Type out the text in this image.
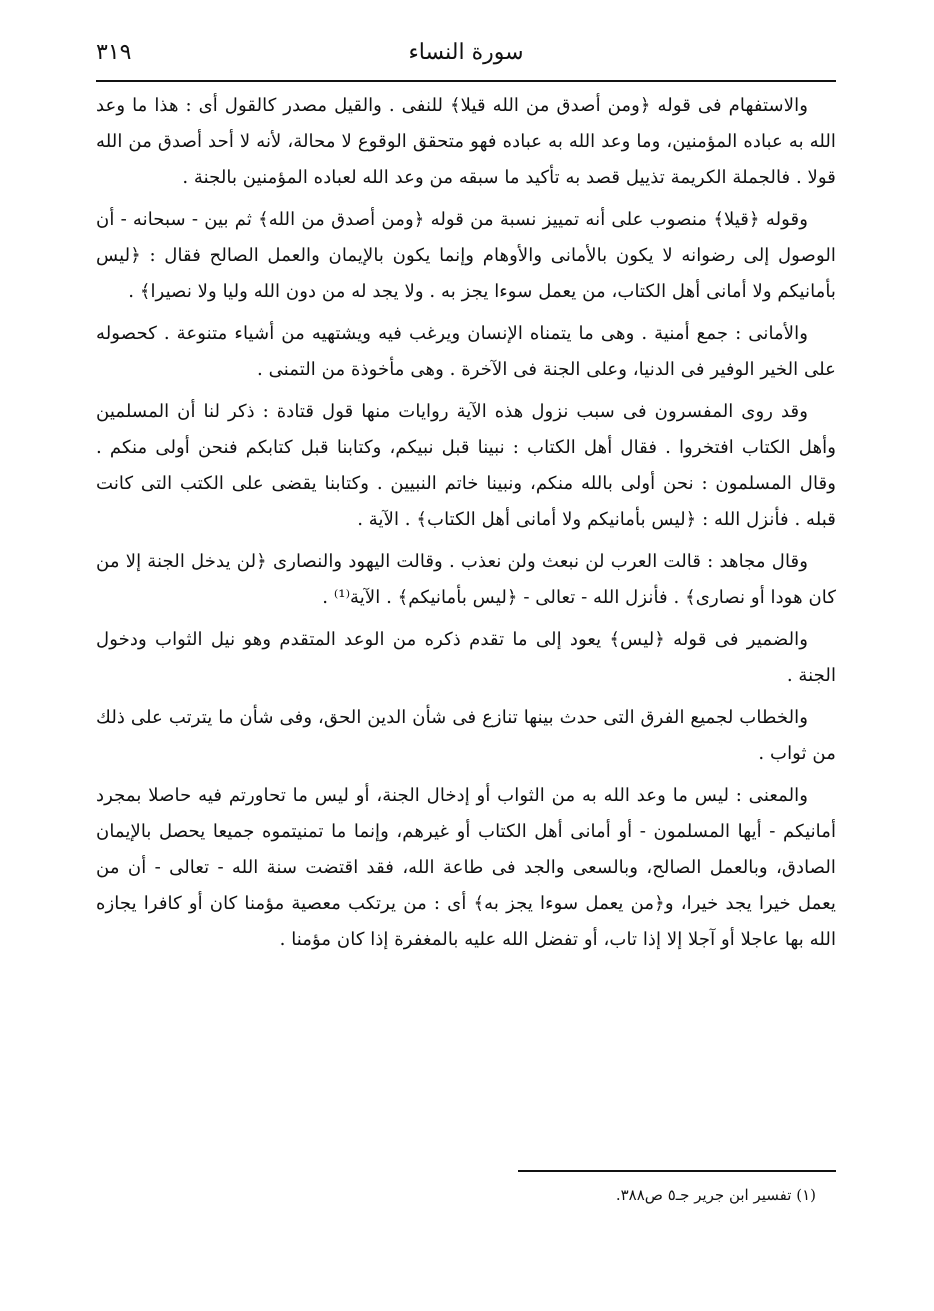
سورة النساء
٣١٩

والاستفهام فى قوله ﴿ومن أصدق من الله قيلا﴾ للنفى . والقيل مصدر كالقول أى : هذا ما وعد الله به عباده المؤمنين، وما وعد الله به عباده فهو متحقق الوقوع لا محالة، لأنه لا أحد أصدق من الله قولا . فالجملة الكريمة تذييل قصد به تأكيد ما سبقه من وعد الله لعباده المؤمنين بالجنة .

وقوله ﴿قيلا﴾ منصوب على أنه تمييز نسبة من قوله ﴿ومن أصدق من الله﴾ ثم بين - سبحانه - أن الوصول إلى رضوانه لا يكون بالأمانى والأوهام وإنما يكون بالإيمان والعمل الصالح فقال : ﴿ليس بأمانيكم ولا أمانى أهل الكتاب، من يعمل سوءا يجز به . ولا يجد له من دون الله وليا ولا نصيرا﴾ .

والأمانى : جمع أمنية . وهى ما يتمناه الإنسان ويرغب فيه ويشتهيه من أشياء متنوعة . كحصوله على الخير الوفير فى الدنيا، وعلى الجنة فى الآخرة . وهى مأخوذة من التمنى .

وقد روى المفسرون فى سبب نزول هذه الآية روايات منها قول قتادة : ذكر لنا أن المسلمين وأهل الكتاب افتخروا . فقال أهل الكتاب : نبينا قبل نبيكم، وكتابنا قبل كتابكم فنحن أولى منكم . وقال المسلمون : نحن أولى بالله منكم، ونبينا خاتم النبيين . وكتابنا يقضى على الكتب التى كانت قبله . فأنزل الله : ﴿ليس بأمانيكم ولا أمانى أهل الكتاب﴾ . الآية .

وقال مجاهد : قالت العرب لن نبعث ولن نعذب . وقالت اليهود والنصارى ﴿لن يدخل الجنة إلا من كان هودا أو نصارى﴾ . فأنزل الله - تعالى - ﴿ليس بأمانيكم﴾ . الآية⁽¹⁾ .

والضمير فى قوله ﴿ليس﴾ يعود إلى ما تقدم ذكره من الوعد المتقدم وهو نيل الثواب ودخول الجنة .

والخطاب لجميع الفرق التى حدث بينها تنازع فى شأن الدين الحق، وفى شأن ما يترتب على ذلك من ثواب .

والمعنى : ليس ما وعد الله به من الثواب أو إدخال الجنة، أو ليس ما تحاورتم فيه حاصلا بمجرد أمانيكم - أيها المسلمون - أو أمانى أهل الكتاب أو غيرهم، وإنما ما تمنيتموه جميعا يحصل بالإيمان الصادق، وبالعمل الصالح، وبالسعى والجد فى طاعة الله، فقد اقتضت سنة الله - تعالى - أن من يعمل خيرا يجد خيرا، و﴿من يعمل سوءا يجز به﴾ أى : من يرتكب معصية مؤمنا كان أو كافرا يجازه الله بها عاجلا أو آجلا إلا إذا تاب، أو تفضل الله عليه بالمغفرة إذا كان مؤمنا .

(١) تفسير ابن جرير جـ٥ ص٣٨٨.
